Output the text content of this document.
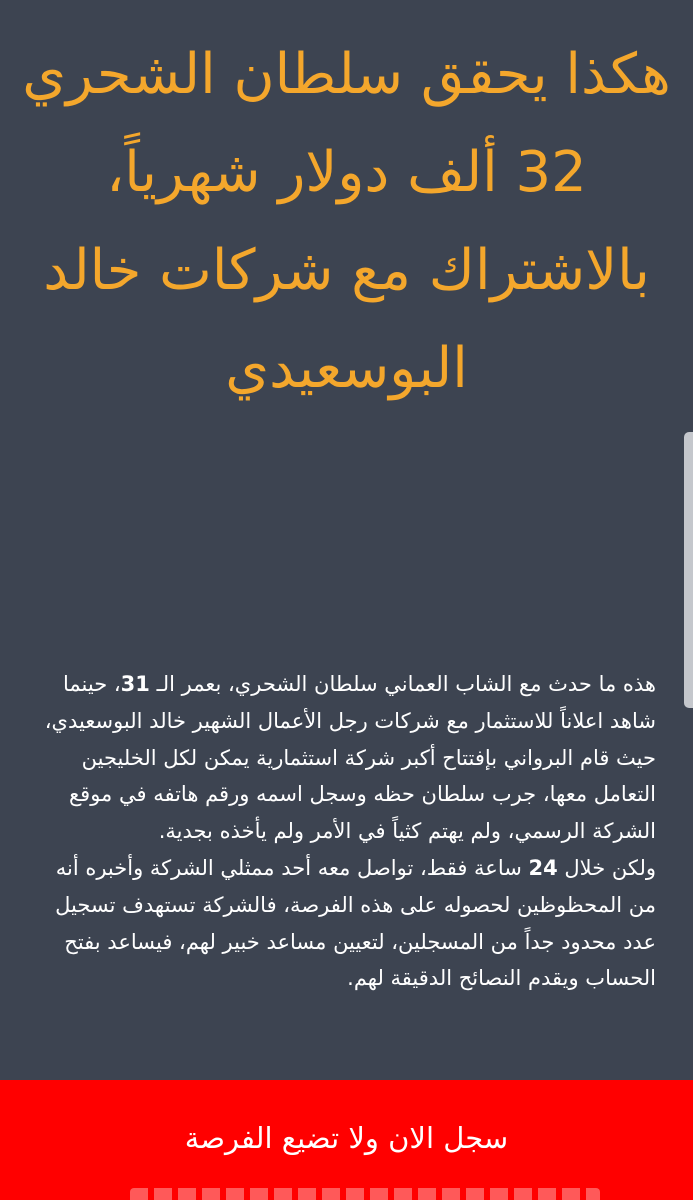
هكذا يحقق سلطان الشحري 32 ألف دولار شهرياً، بالاشتراك مع شركات خالد البوسعيدي

هذه ما حدث مع الشاب العماني سلطان الشحري، بعمر الـ 31، حينما شاهد اعلاناً للاستثمار مع شركات رجل الأعمال الشهير خالد البوسعيدي، حيث قام البرواني بإفتتاح أكبر شركة استثمارية يمكن لكل الخليجين التعامل معها، جرب سلطان حظه وسجل اسمه ورقم هاتفه في موقع الشركة الرسمي، ولم يهتم كثياً في الأمر ولم يأخذه بجدية.

ولكن خلال 24 ساعة فقط، تواصل معه أحد ممثلي الشركة وأخبره أنه من المحظوظين لحصوله على هذه الفرصة، فالشركة تستهدف تسجيل عدد محدود جداً من المسجلين، لتعيين مساعد خبير لهم، فيساعد بفتح الحساب ويقدم النصائح الدقيقة لهم.

سجل الان ولا تضيع الفرصة
